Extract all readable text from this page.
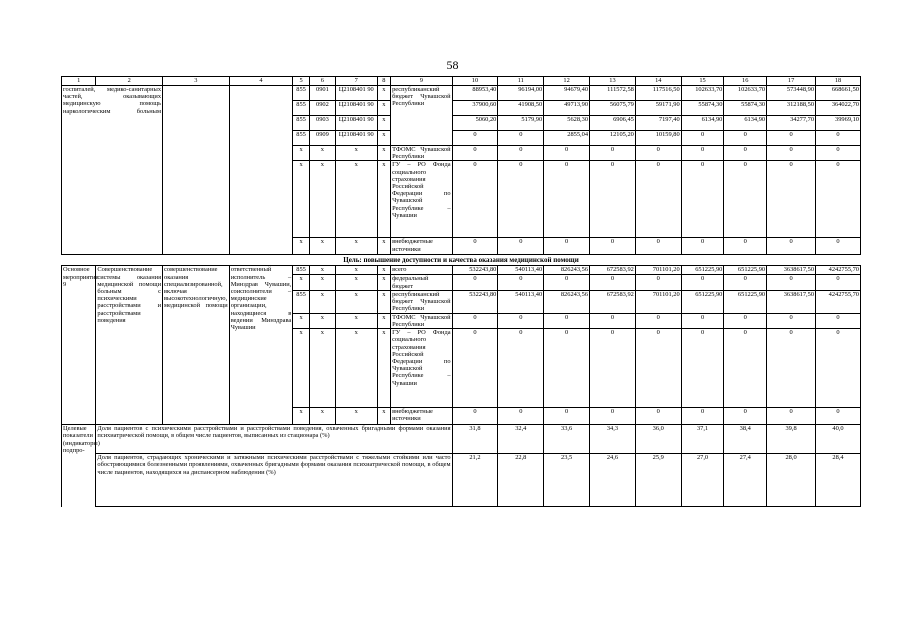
58
1	2	3	4	5	6	7	8	9	10	11	12	13	14	15	16	17	18
госпиталей, медико-санитарных частей, оказывающих медицинскую помощь наркологическим больным				855	0901	Ц2108401 90	x	республиканский бюджет Чувашской Республики	88953,40	96194,00	94679,40	111572,58	117516,50	102633,70	102633,70	573448,90	668661,50
				855	0902	Ц2108401 90	x		37900,60	41908,50	49713,90	56075,79	59171,90	55874,30	55874,30	312188,50	364022,70
				855	0903	Ц2108401 90	x		5060,20	5179,90	5628,30	6906,45	7197,40	6134,90	6134,90	34277,70	39969,10
				855	0909	Ц2108401 90	x		0	0	2855,04	12105,20	10159,80	0	0	0	0
				x	x	x	x	ТФОМС Чувашской Республики	0	0	0	0	0	0	0	0	0
				x	x	x	x	ГУ – РО Фонда социального страхования Российской Федерации по Чувашской Республике – Чувашии	0	0	0	0	0	0	0	0	0
				x	x	x	x	внебюджетные источники	0	0	0	0	0	0	0	0	0
Цель: повышение доступности и качества оказания медицинской помощи																	
Основное мероприятие 9	Совершенствование системы оказания медицинской помощи больным с психическими расстройствами и расстройствами поведения	совершенствование оказания специализированной, включая высокотехнологичную, медицинской помощи	ответственный исполнитель – Минздрав Чувашии, соисполнители – медицинские организации, находящиеся в ведении Минздрава Чувашии	855	x	x	x	всего	532243,80	540113,40	826243,56	672583,92	701101,20	651225,90	651225,90	3638617,50	4242755,70
				x	x	x	x	федеральный бюджет	0	0	0	0	0	0	0	0	0
				855	x	x	x	республиканский бюджет Чувашской Республики	532243,80	540113,40	826243,56	672583,92	701101,20	651225,90	651225,90	3638617,50	4242755,70
				x	x	x	x	ТФОМС Чувашской Республики	0	0	0	0	0	0	0	0	0
				x	x	x	x	ГУ – РО Фонда социального страхования Российской Федерации по Чувашской Республике – Чувашии	0	0	0	0	0	0	0	0	0
				x	x	x	x	внебюджетные источники	0	0	0	0	0	0	0	0	0
Целевые показатели (индикаторы) подпро-	Доля пациентов с психическими расстройствами и расстройствами поведения, охваченных бригадными формами оказания психиатрической помощи, в общем числе пациентов, выписанных из стационара (%)								31,8	32,4	33,6	34,3	36,0	37,1	38,4	39,8	40,0
	Доля пациентов, страдающих хроническими и затяжными психическими расстройствами с тяжелыми стойкими или часто обостряющимися болезненными проявлениями, охваченных бригадными формами оказания психиатрической помощи, в общем числе пациентов, находящихся на диспансерном наблюдении (%)								21,2	22,8	23,5	24,6	25,9	27,0	27,4	28,0	28,4
